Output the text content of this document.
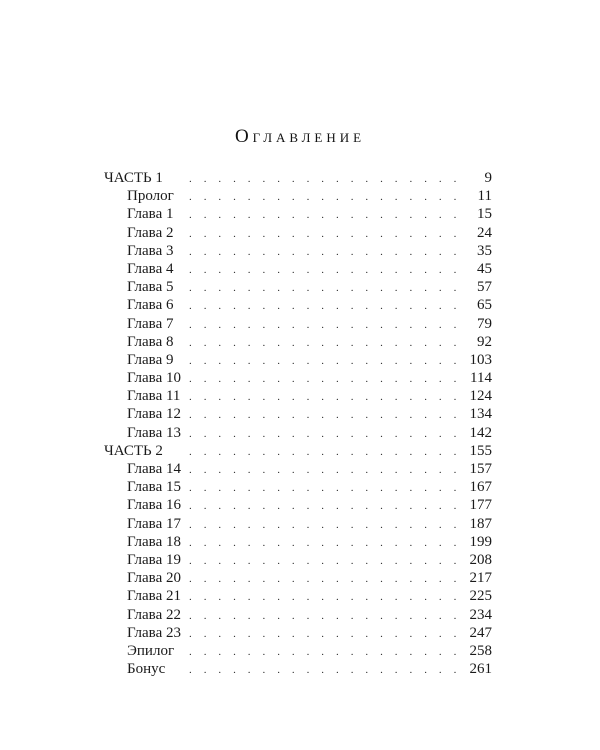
Оглавление
ЧАСТЬ 1 . . .	9
Пролог . . .	11
Глава 1 . . .	15
Глава 2 . . .	24
Глава 3 . . .	35
Глава 4 . . .	45
Глава 5 . . .	57
Глава 6 . . .	65
Глава 7 . . .	79
Глава 8 . . .	92
Глава 9 . . .	103
Глава 10 . . .	114
Глава 11 . . .	124
Глава 12 . . .	134
Глава 13 . . .	142
ЧАСТЬ 2 . . .	155
Глава 14 . . .	157
Глава 15 . . .	167
Глава 16 . . .	177
Глава 17 . . .	187
Глава 18 . . .	199
Глава 19 . . .	208
Глава 20 . . .	217
Глава 21 . . .	225
Глава 22 . . .	234
Глава 23 . . .	247
Эпилог . . .	258
Бонус . . .	261
